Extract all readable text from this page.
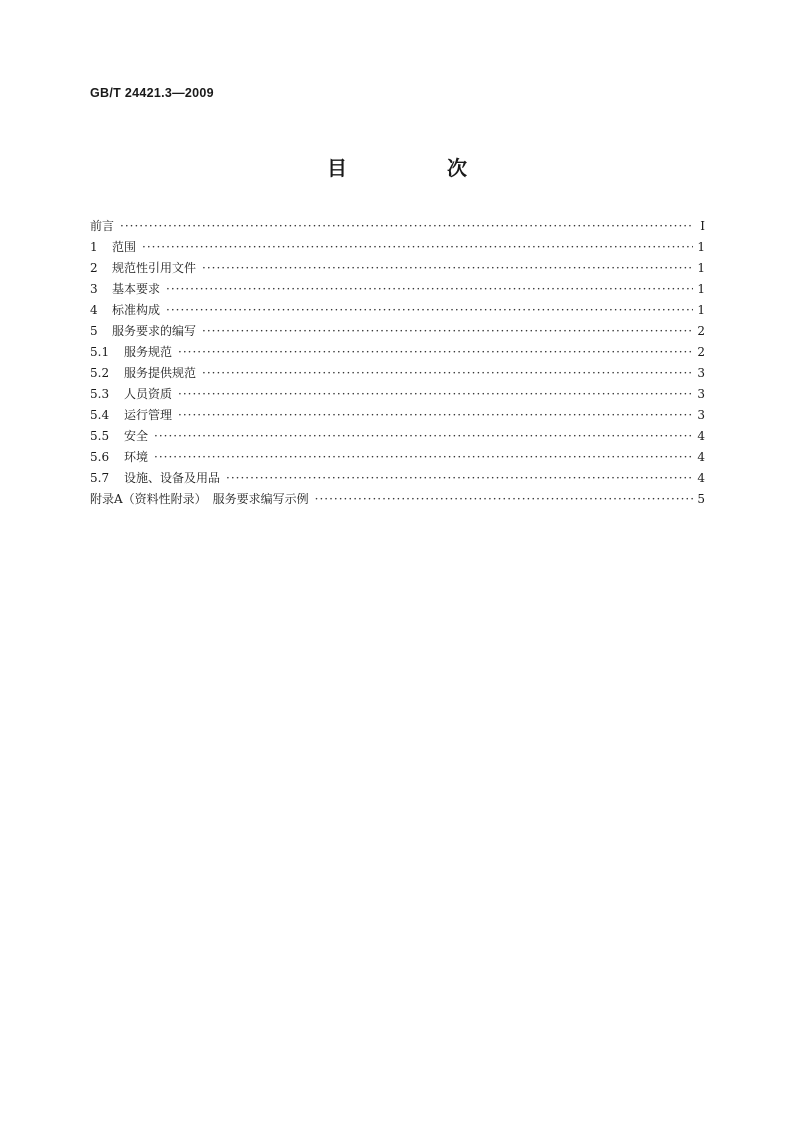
GB/T 24421.3—2009
目　次
前言 ·····	Ⅰ
1 范围 ·····	1
2 规范性引用文件 ·····	1
3 基本要求 ·····	1
4 标准构成 ·····	1
5 服务要求的编写 ·····	2
5.1 服务规范 ·····	2
5.2 服务提供规范 ·····	3
5.3 人员资质 ·····	3
5.4 运行管理 ·····	3
5.5 安全 ·····	4
5.6 环境 ·····	4
5.7 设施、设备及用品 ·····	4
附录A（资料性附录）　服务要求编写示例 ·····	5
